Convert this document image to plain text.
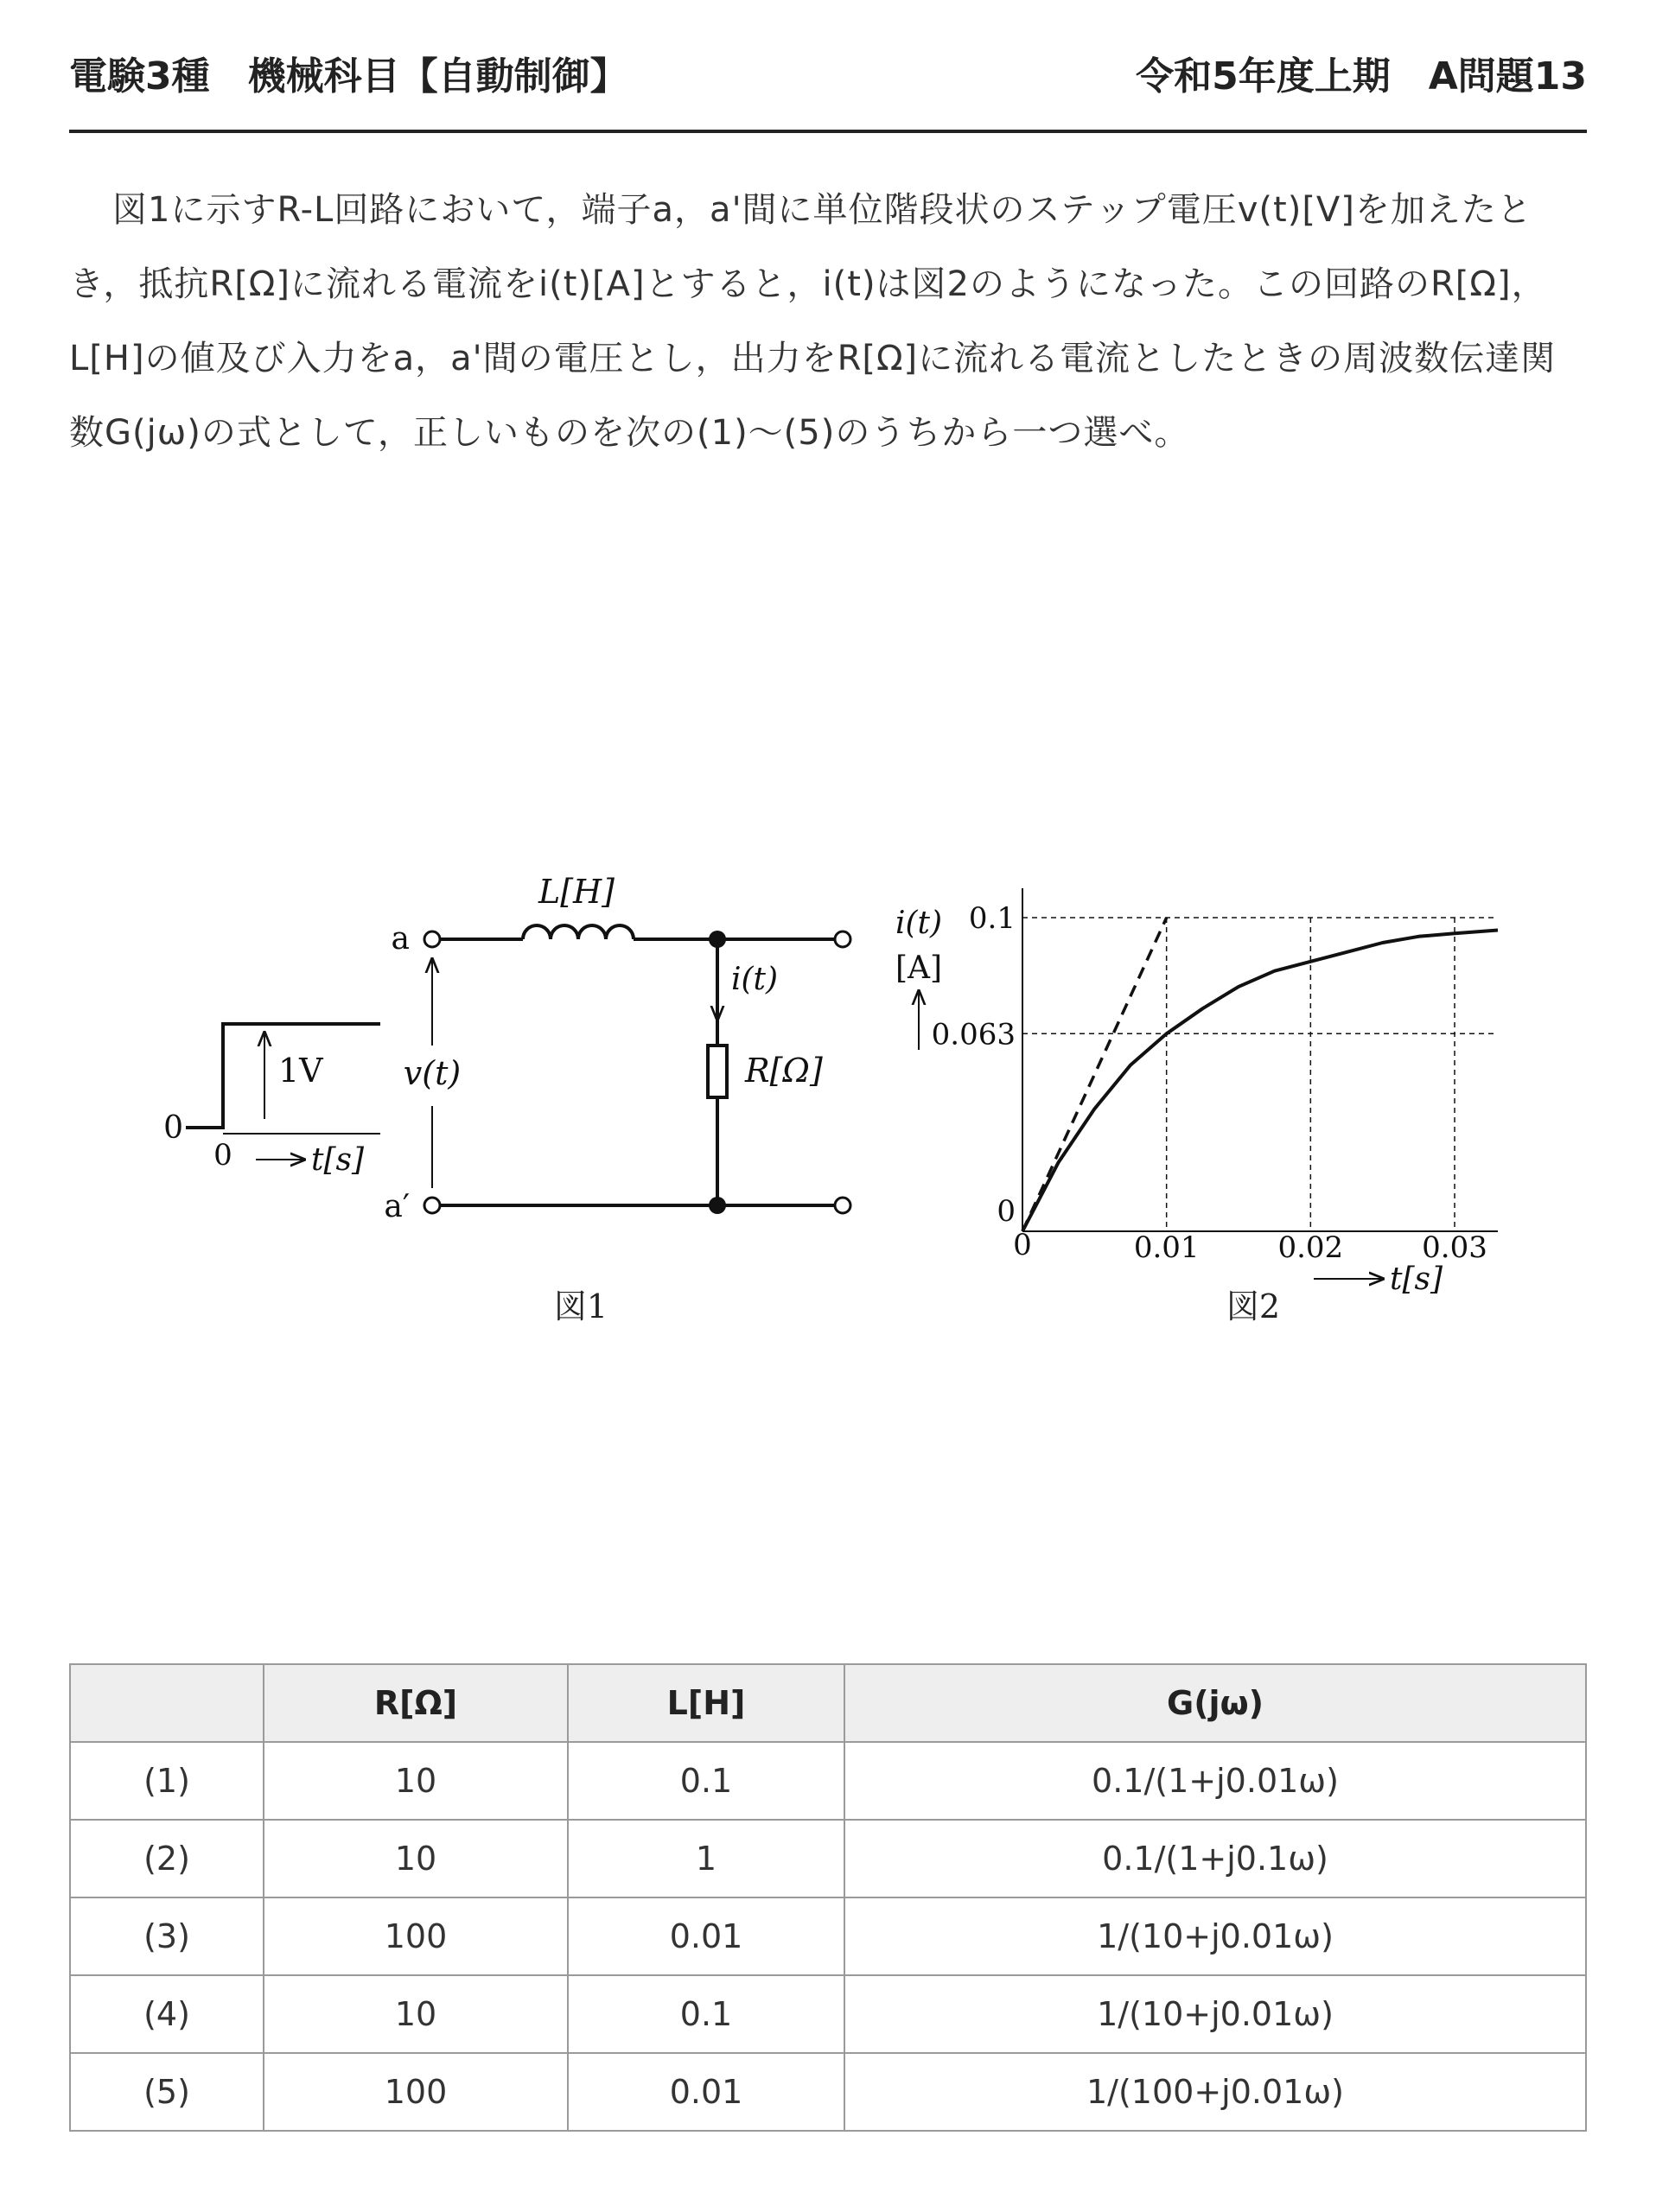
電験3種　機械科目【自動制御】	令和5年度上期　A問題13

図1に示すR-L回路において，端子a，a'間に単位階段状のステップ電圧v(t)[V]を加えたとき，抵抗R[Ω]に流れる電流をi(t)[A]とすると，i(t)は図2のようになった。この回路のR[Ω]，L[H]の値及び入力をa，a'間の電圧とし，出力をR[Ω]に流れる電流としたときの周波数伝達関数G(jω)の式として，正しいものを次の(1)～(5)のうちから一つ選べ。

0
0
1V
t[s]
a
a′
L[H]
i(t)
R[Ω]
v(t)
図1
0.063
0.1
0.01	0.02	0.03
i(t)
[A]
t[s]
0
0
図2
	R[Ω]	L[H]	G(jω)
(1)	10	0.1	0.1/(1+j0.01ω)
(2)	10	1	0.1/(1+j0.1ω)
(3)	100	0.01	1/(10+j0.01ω)
(4)	10	0.1	1/(10+j0.01ω)
(5)	100	0.01	1/(100+j0.01ω)
